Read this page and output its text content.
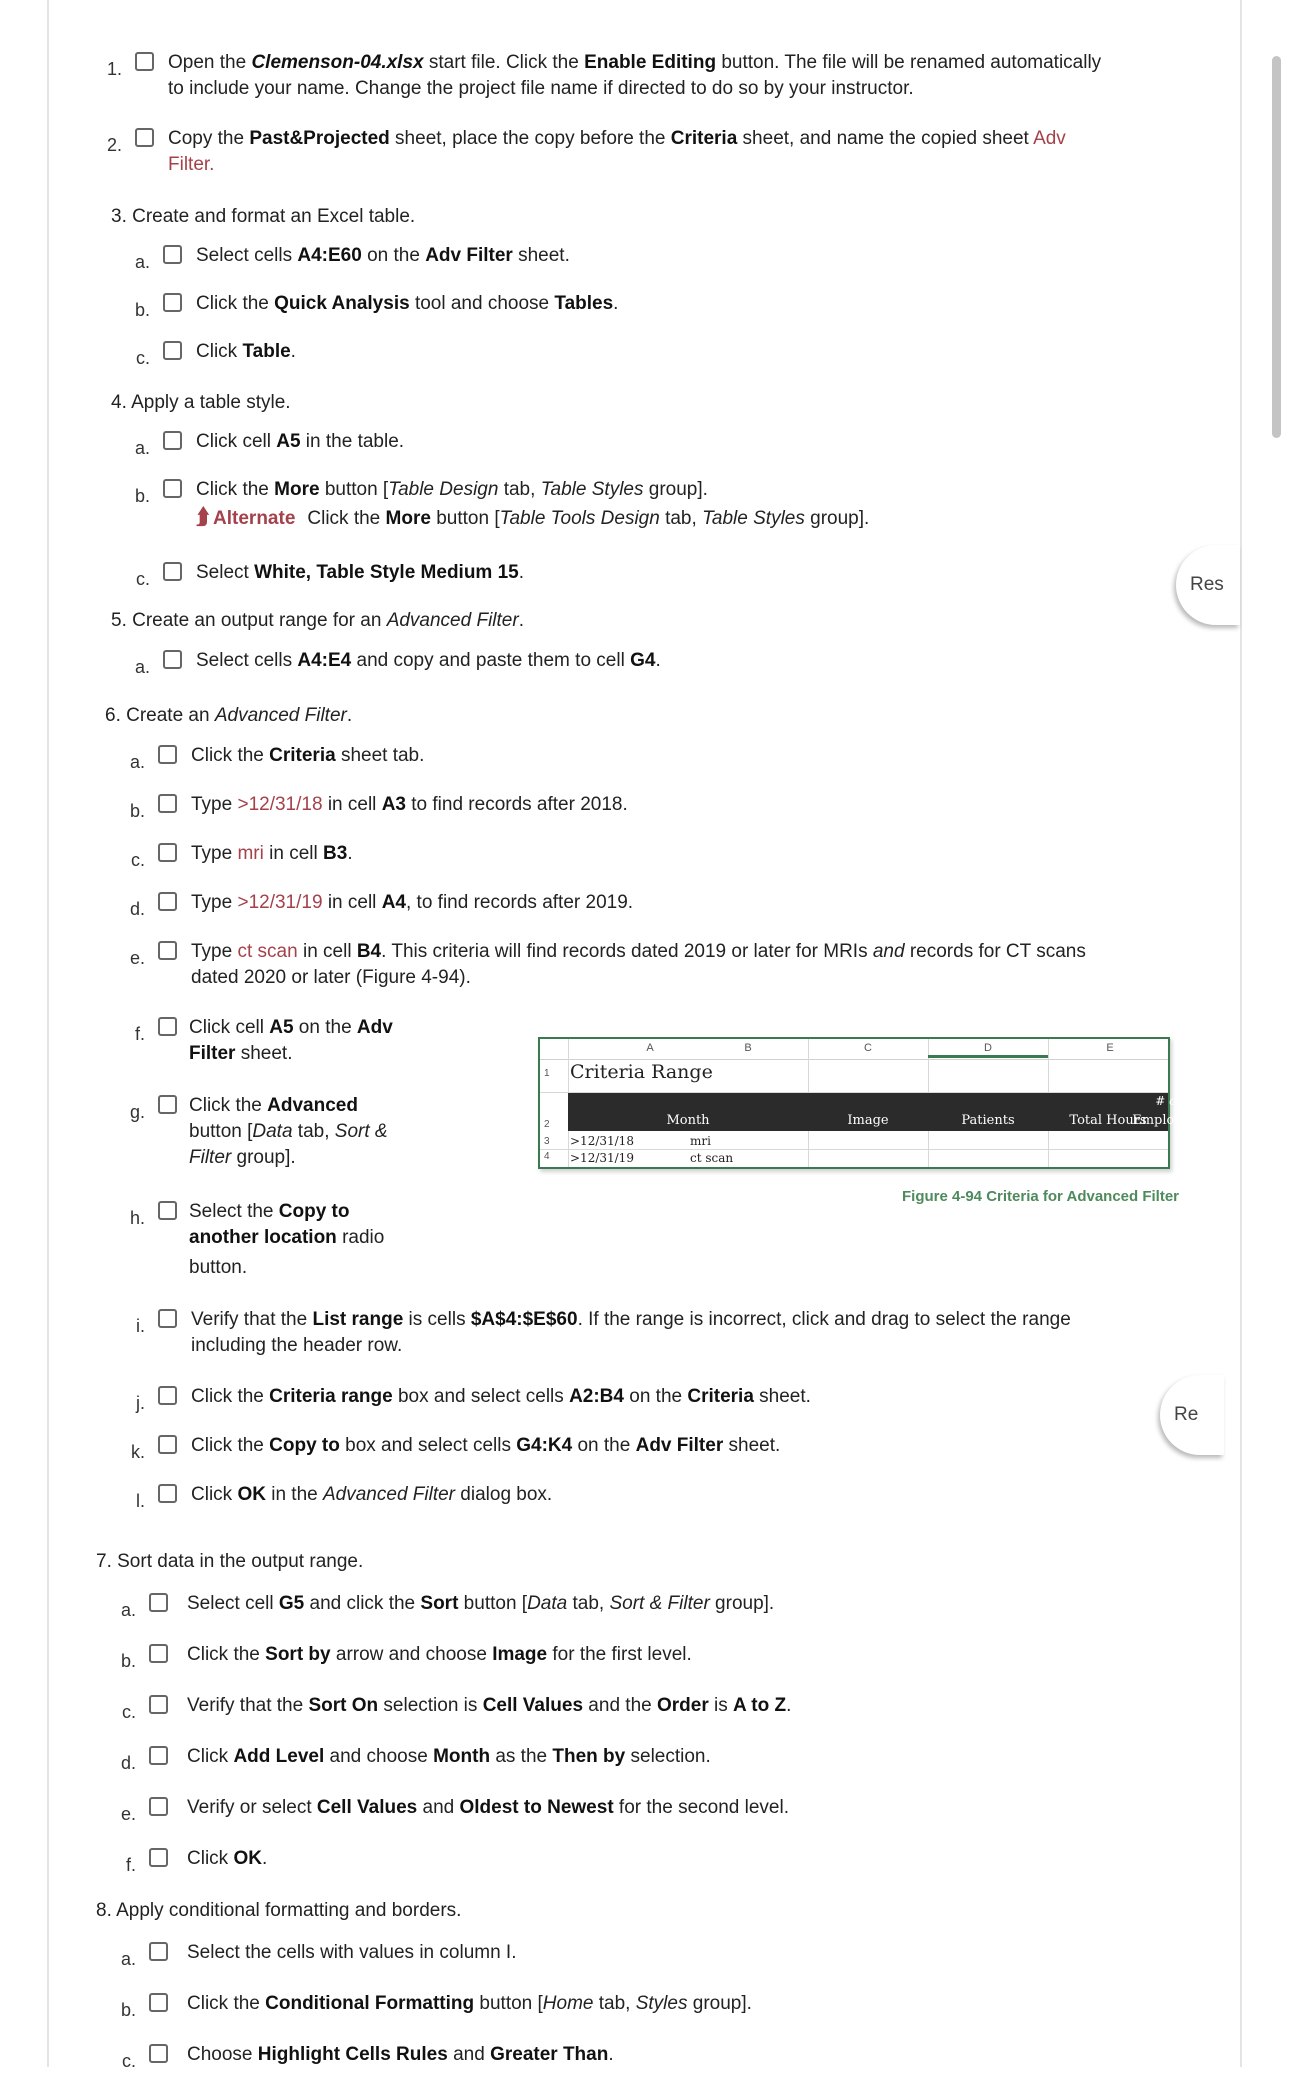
Res
Re
1. Open the Clemenson-04.xlsx start file. Click the Enable Editing button. The file will be renamed automatically

to include your name. Change the project file name if directed to do so by your instructor.

2. Copy the Past&Projected sheet, place the copy before the Criteria sheet, and name the copied sheet Adv

Filter.

3. Create and format an Excel table.
a. Select cells A4:E60 on the Adv Filter sheet.

b. Click the Quick Analysis tool and choose Tables.

c. Click Table.

4. Apply a table style.
a. Click cell A5 in the table.

b. Click the More button [Table Design tab, Table Styles group].

⮭ Alternate Click the More button [Table Tools Design tab, Table Styles group].

c. Select White, Table Style Medium 15.

5. Create an output range for an Advanced Filter.
a. Select cells A4:E4 and copy and paste them to cell G4.

6. Create an Advanced Filter.
a. Click the Criteria sheet tab.

b. Type >12/31/18 in cell A3 to find records after 2018.

c. Type mri in cell B3.

d. Type >12/31/19 in cell A4, to find records after 2019.

e. Type ct scan in cell B4. This criteria will find records dated 2019 or later for MRIs and records for CT scans

dated 2020 or later (Figure 4-94).

f. Click cell A5 on the Adv

Filter sheet.

g. Click the Advanced

button [Data tab, Sort &

Filter group].

h. Select the Copy to

another location radio

button.

i. Verify that the List range is cells $A$4:$E$60. If the range is incorrect, click and drag to select the range

including the header row.

j. Click the Criteria range box and select cells A2:B4 on the Criteria sheet.

k. Click the Copy to box and select cells G4:K4 on the Adv Filter sheet.

l. Click OK in the Advanced Filter dialog box.

7. Sort data in the output range.
a.	Select cell G5 and click the Sort button [Data tab, Sort & Filter group].

b.	Click the Sort by arrow and choose Image for the first level.

c.	Verify that the Sort On selection is Cell Values and the Order is A to Z.

d.	Click Add Level and choose Month as the Then by selection.

e.	Verify or select Cell Values and Oldest to Newest for the second level.

f.	Click OK.

8. Apply conditional formatting and borders.
a.	Select the cells with values in column I.

b.	Click the Conditional Formatting button [Home tab, Styles group].

c.	Choose Highlight Cells Rules and Greater Than.

A	B	C	D	E
1
2
3
4
Criteria Range
Month	Image	Patients	Total Hours
# of
Employees
>12/31/18	mri
>12/31/19	ct scan
Figure 4-94 Criteria for Advanced Filter
